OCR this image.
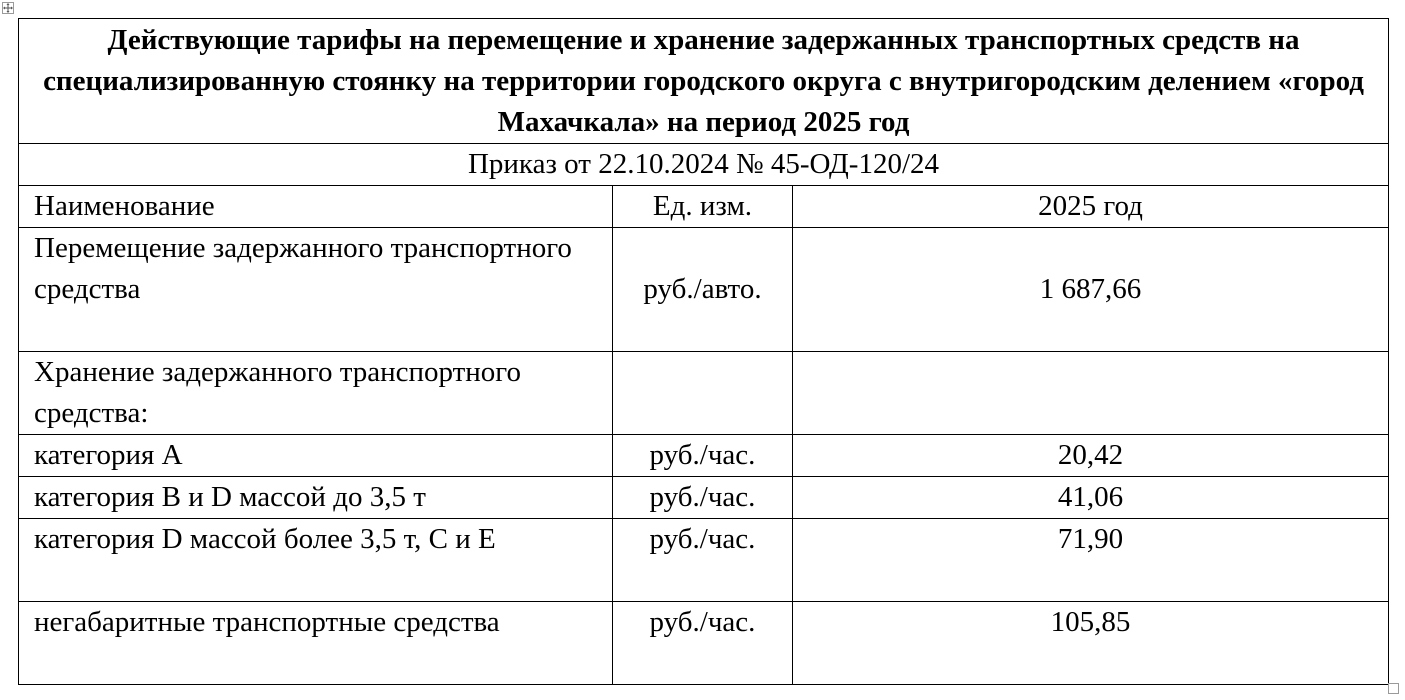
Действующие тарифы на перемещение и хранение задержанных транспортных средств на специализированную стоянку на территории городского округа с внутригородским делением «город Махачкала» на период 2025 год		
Приказ от 22.10.2024 № 45-ОД-120/24		
Наименование	Ед. изм.	2025 год
Перемещение задержанного транспортного средства	руб./авто.	1 687,66
Хранение задержанного транспортного средства:		
категория А	руб./час.	20,42
категория В и D массой до 3,5 т	руб./час.	41,06
категория D массой более 3,5 т, С и Е	руб./час.	71,90
негабаритные транспортные средства	руб./час.	105,85
